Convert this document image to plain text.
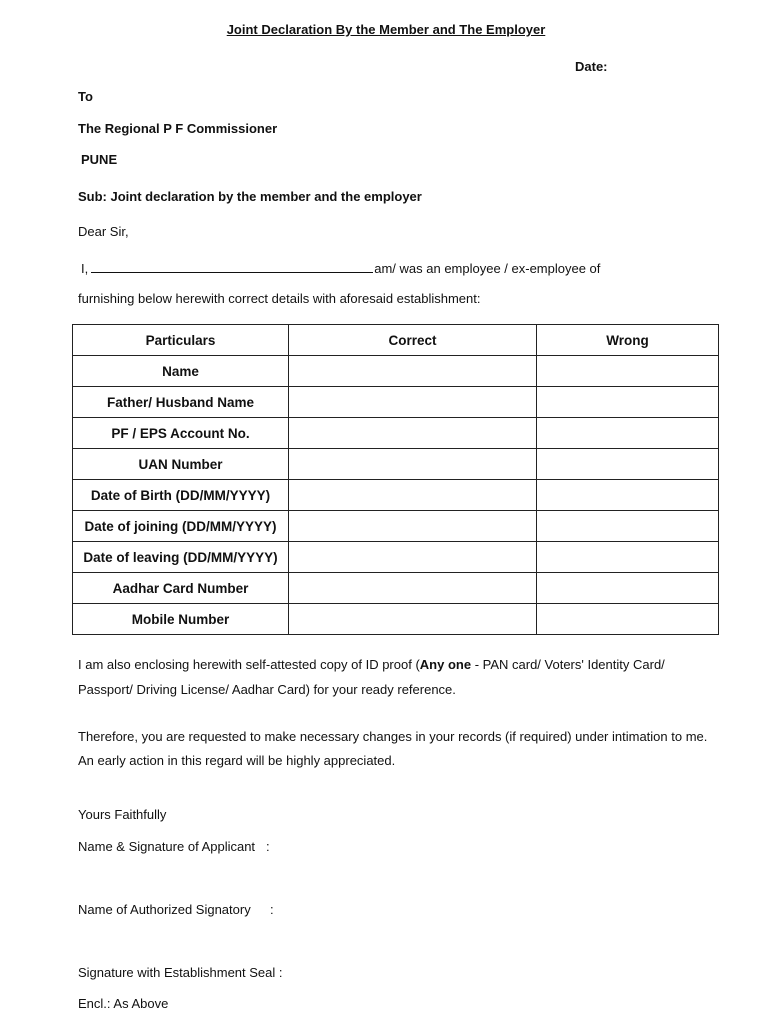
Joint Declaration By the Member and The Employer
Date:
To
The Regional P F Commissioner
PUNE
Sub: Joint declaration by the member and the employer
Dear Sir,
I,	am/ was an employee / ex-employee of
furnishing below herewith correct details with aforesaid establishment:
Particulars	Correct	Wrong
Name		
Father/ Husband Name		
PF / EPS Account No.		
UAN Number		
Date of Birth (DD/MM/YYYY)		
Date of joining (DD/MM/YYYY)		
Date of leaving (DD/MM/YYYY)		
Aadhar Card Number		
Mobile Number		
I am also enclosing herewith self-attested copy of ID proof (Any one - PAN card/ Voters' Identity Card/
Passport/ Driving License/ Aadhar Card) for your ready reference.
Therefore, you are requested to make necessary changes in your records (if required) under intimation to me.
An early action in this regard will be highly appreciated.
Yours Faithfully
Name & Signature of Applicant :
Name of Authorized Signatory :
Signature with Establishment Seal :
Encl.: As Above
